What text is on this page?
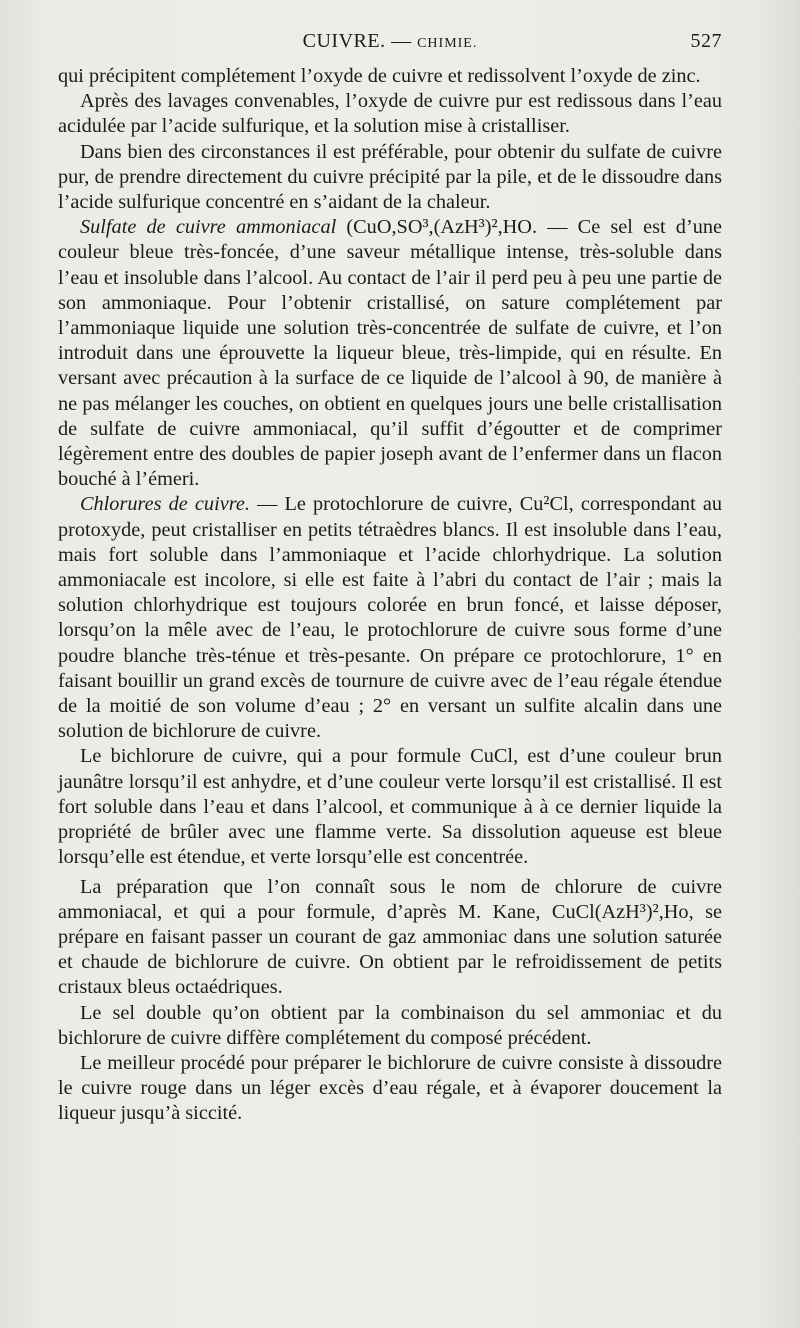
CUIVRE. — CHIMIE.	527

qui précipitent complétement l’oxyde de cuivre et redissolvent l’oxyde de zinc.

Après des lavages convenables, l’oxyde de cuivre pur est redissous dans l’eau acidulée par l’acide sulfurique, et la solution mise à cristalliser.

Dans bien des circonstances il est préférable, pour obtenir du sulfate de cuivre pur, de prendre directement du cuivre précipité par la pile, et de le dissoudre dans l’acide sulfurique concentré en s’aidant de la chaleur.

Sulfate de cuivre ammoniacal (CuO,SO³,(AzH³)²,HO. — Ce sel est d’une couleur bleue très-foncée, d’une saveur métallique intense, très-soluble dans l’eau et insoluble dans l’alcool. Au contact de l’air il perd peu à peu une partie de son ammoniaque. Pour l’obtenir cristallisé, on sature complétement par l’ammoniaque liquide une solution très-concentrée de sulfate de cuivre, et l’on introduit dans une éprouvette la liqueur bleue, très-limpide, qui en résulte. En versant avec précaution à la surface de ce liquide de l’alcool à 90, de manière à ne pas mélanger les couches, on obtient en quelques jours une belle cristallisation de sulfate de cuivre ammoniacal, qu’il suffit d’égoutter et de comprimer légèrement entre des doubles de papier joseph avant de l’enfermer dans un flacon bouché à l’émeri.

Chlorures de cuivre. — Le protochlorure de cuivre, Cu²Cl, correspondant au protoxyde, peut cristalliser en petits tétraèdres blancs. Il est insoluble dans l’eau, mais fort soluble dans l’ammoniaque et l’acide chlorhydrique. La solution ammoniacale est incolore, si elle est faite à l’abri du contact de l’air ; mais la solution chlorhydrique est toujours colorée en brun foncé, et laisse déposer, lorsqu’on la mêle avec de l’eau, le protochlorure de cuivre sous forme d’une poudre blanche très-ténue et très-pesante. On prépare ce protochlorure, 1° en faisant bouillir un grand excès de tournure de cuivre avec de l’eau régale étendue de la moitié de son volume d’eau ; 2° en versant un sulfite alcalin dans une solution de bichlorure de cuivre.

Le bichlorure de cuivre, qui a pour formule CuCl, est d’une couleur brun jaunâtre lorsqu’il est anhydre, et d’une couleur verte lorsqu’il est cristallisé. Il est fort soluble dans l’eau et dans l’alcool, et communique à à ce dernier liquide la propriété de brûler avec une flamme verte. Sa dissolution aqueuse est bleue lorsqu’elle est étendue, et verte lorsqu’elle est concentrée.

La préparation que l’on connaît sous le nom de chlorure de cuivre ammoniacal, et qui a pour formule, d’après M. Kane, CuCl(AzH³)²,Ho, se prépare en faisant passer un courant de gaz ammoniac dans une solution saturée et chaude de bichlorure de cuivre. On obtient par le refroidissement de petits cristaux bleus octaédriques.

Le sel double qu’on obtient par la combinaison du sel ammoniac et du bichlorure de cuivre diffère complétement du composé précédent.

Le meilleur procédé pour préparer le bichlorure de cuivre consiste à dissoudre le cuivre rouge dans un léger excès d’eau régale, et à évaporer doucement la liqueur jusqu’à siccité.
